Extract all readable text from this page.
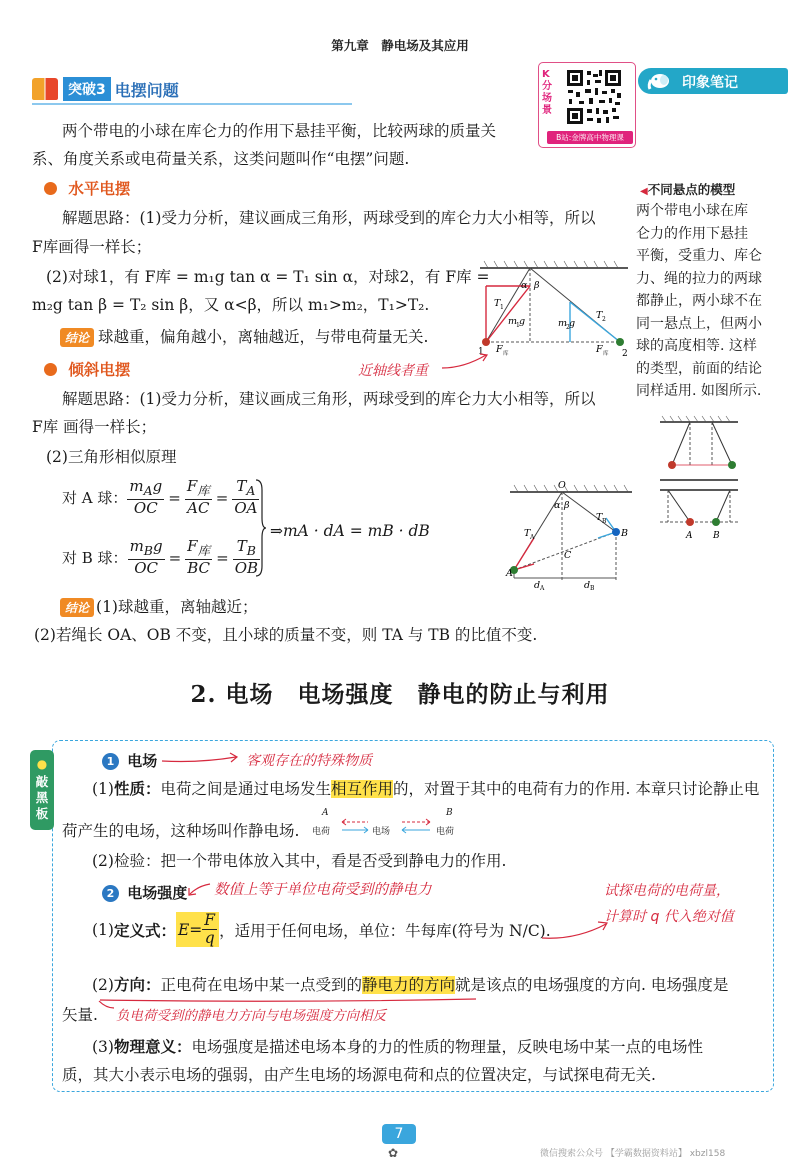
第九章　静电场及其应用
突破3 电摆问题
K分场景
B站:金牌高中物理课
印象笔记
◀不同悬点的模型
两个带电小球在库
仑力的作用下悬挂
平衡，受重力、库仑
力、绳的拉力的两球
都静止，两小球不在
同一悬点上，但两小
球的高度相等. 这样
的类型，前面的结论
同样适用. 如图所示.
A B
两个带电的小球在库仑力的作用下悬挂平衡，比较两球的质量关
系、角度关系或电荷量关系，这类问题叫作“电摆”问题.
水平电摆
解题思路：(1)受力分析，建议画成三角形，两球受到的库仑力大小相等，所以
F库画得一样长；
(2)对球1，有 F库 = m₁g tan α = T₁ sin α，对球2，有 F库 =
m₂g tan β = T₂ sin β，又 α<β，所以 m₁>m₂，T₁>T₂.
结论 球越重，偏角越小，离轴越近，与带电荷量无关.
α β
T 1
m
1 g	m
2 g
T 2
F 库
F 库
1	2
近轴线者重
倾斜电摆
解题思路：(1)受力分析，建议画成三角形，两球受到的库仑力大小相等，所以
F库 画得一样长；
(2)三角形相似原理
对 A 球： $\frac{m_Ag}{OC} = \frac{F_库}{AC} = \frac{T_A}{OA}$
对 B 球： $\frac{m_Bg}{OC} = \frac{F_库}{BC} = \frac{T_B}{OB}$
⇒mA · dA = mB · dB
O
A
B
C
T A
T B
d A	d B
α β
结论 (1)球越重，离轴越近；
(2)若绳长 OA、OB 不变，且小球的质量不变，则 TA 与 TB 的比值不变.
2. 电场　电场强度　静电的防止与利用
●
敲黑板
1 电场	客观存在的特殊物质
(1)性质：电荷之间是通过电场发生相互作用的，对置于其中的电荷有力的作用. 本章只讨论静止电
荷产生的电场，这种场叫作静电场.
A	B
电荷	电场	电荷
(2)检验：把一个带电体放入其中，看是否受到静电力的作用.
2 电场强度 数值上等于单位电荷受到的静电力	试探电荷的电荷量，
计算时 q 代入绝对值
(1) 定义式： $E= \frac{F}{q}$ ，适用于任何电场，单位：牛每库(符号为 N/C).
(2)方向：正电荷在电场中某一点受到的静电力的方向就是该点的电场强度的方向. 电场强度是
矢量. 负电荷受到的静电力方向与电场强度方向相反
(3)物理意义：电场强度是描述电场本身的力的性质的物理量，反映电场中某一点的电场性
质，其大小表示电场的强弱，由产生电场的场源电荷和点的位置决定，与试探电荷无关.
7
✿	微信搜索公众号 【学霸数据资料站】 xbzl158
